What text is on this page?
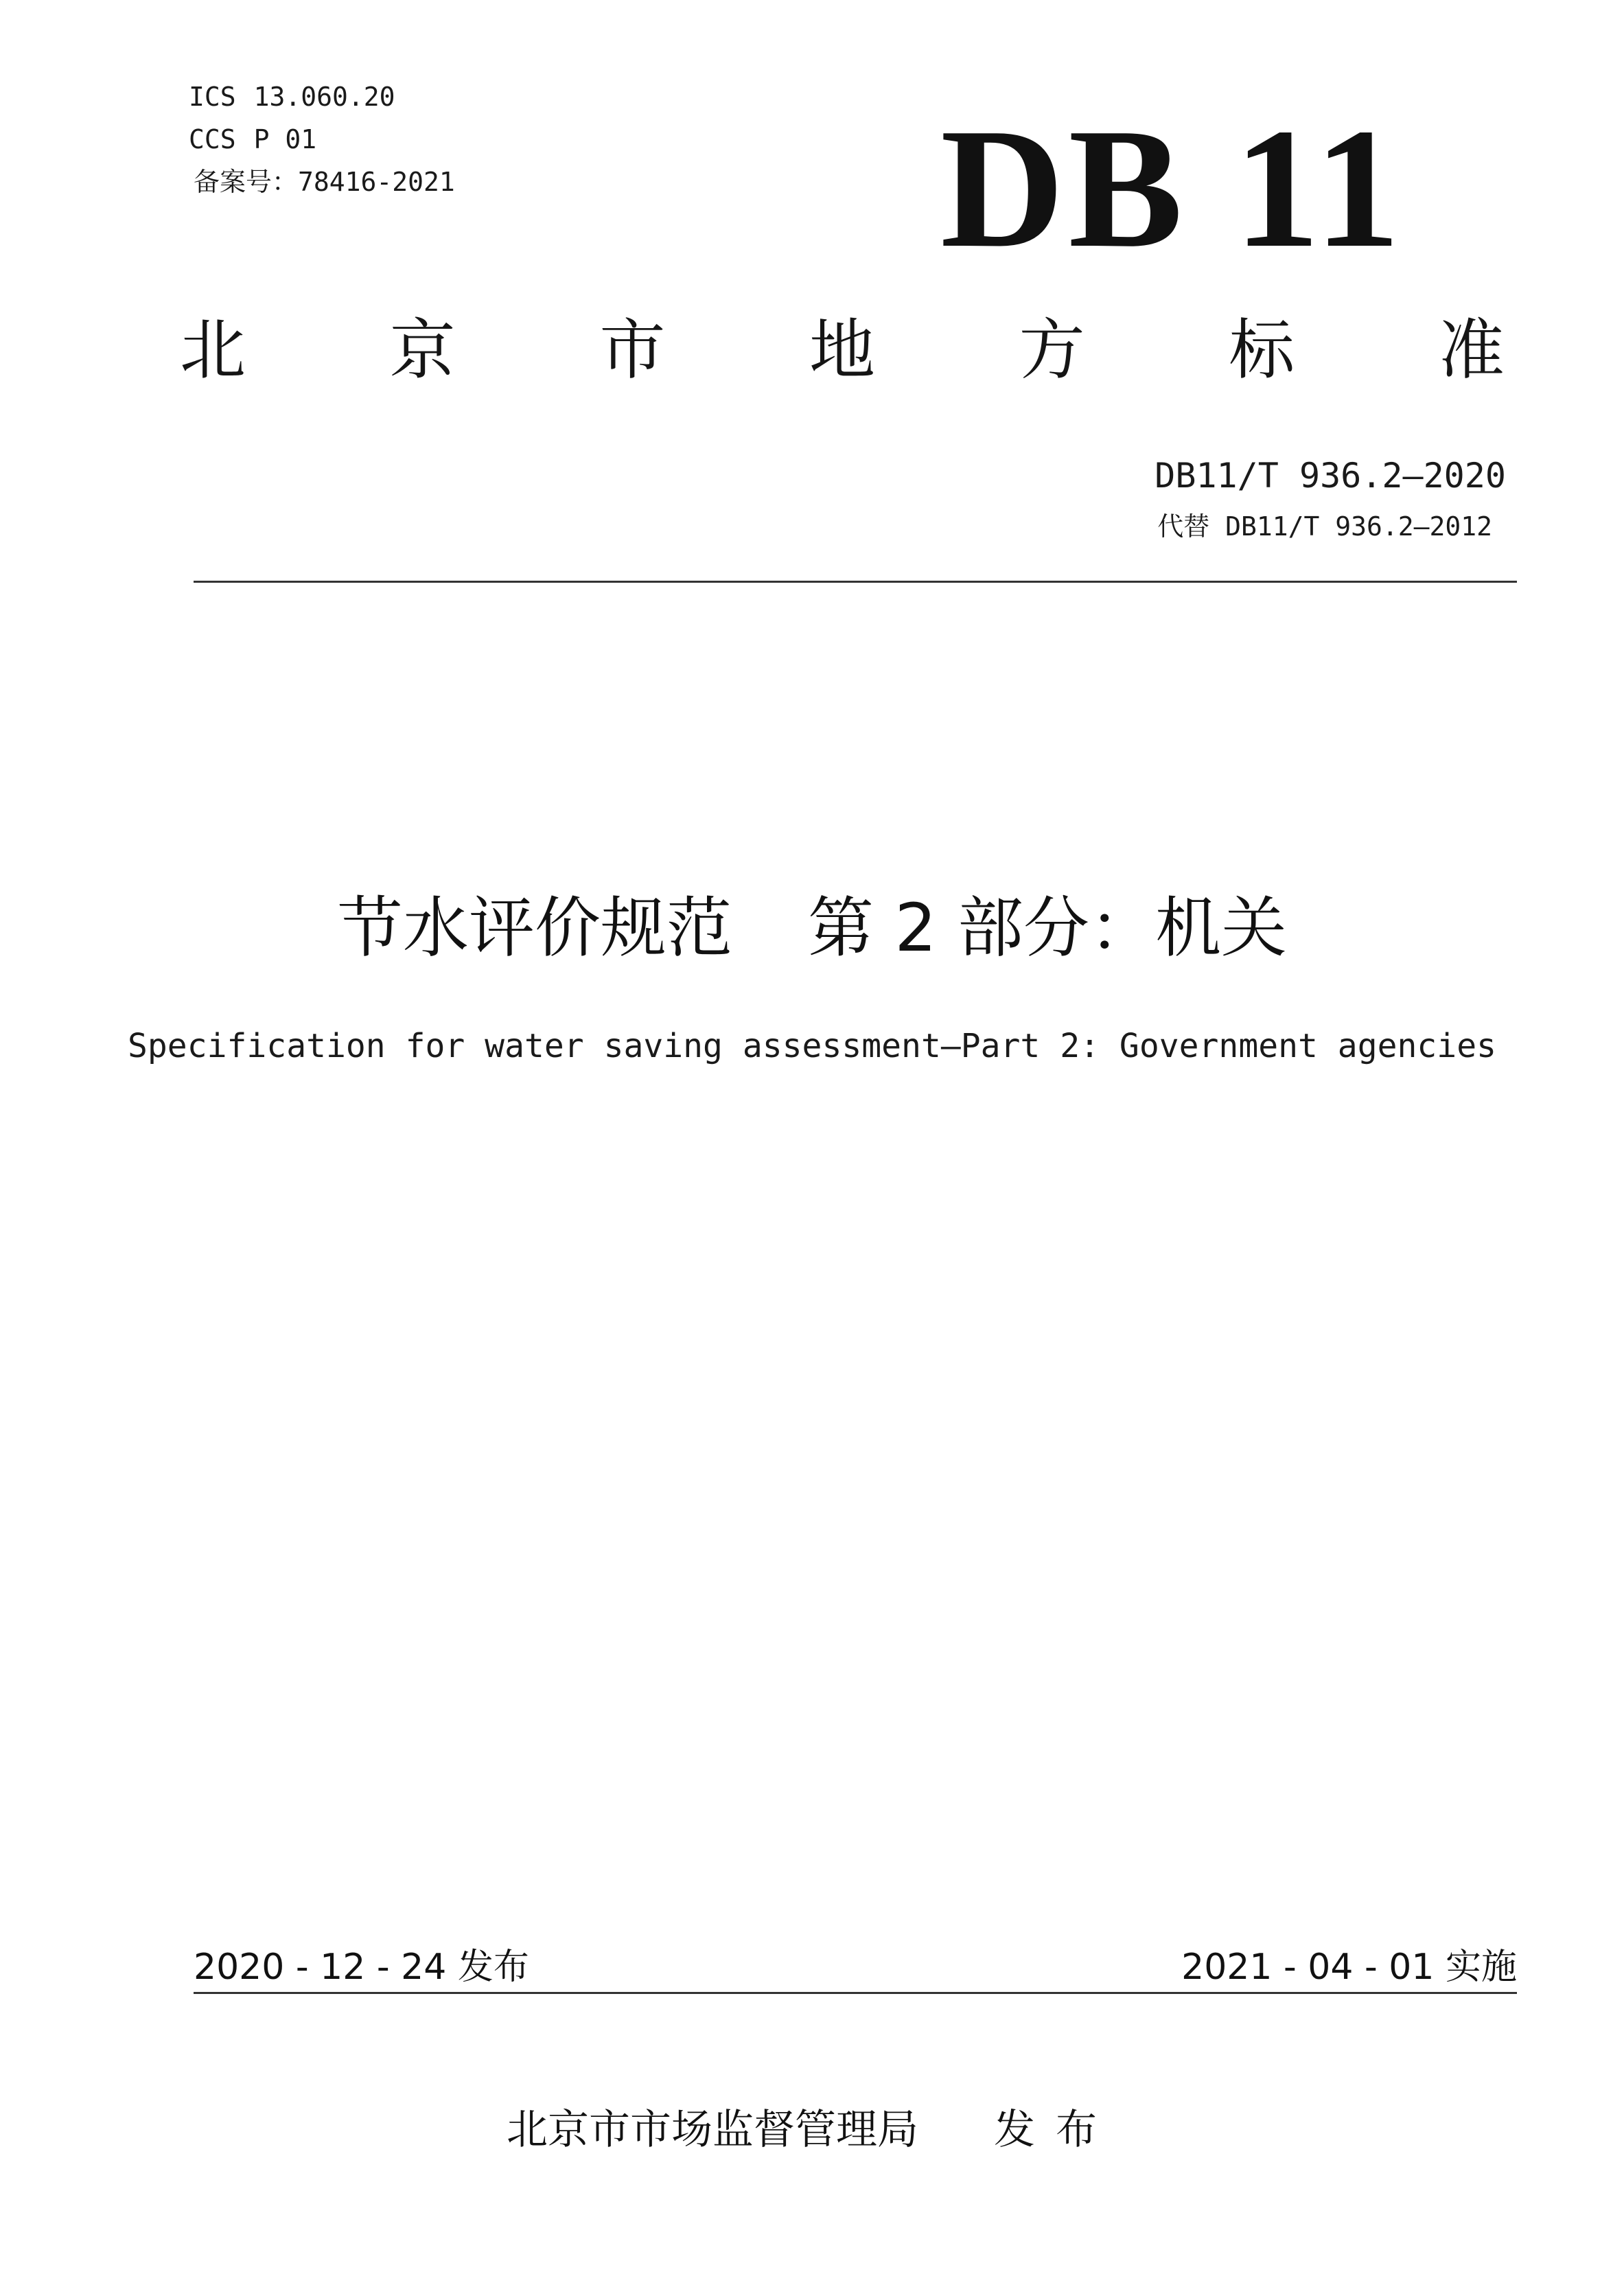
ICS 13.060.20
CCS P 01
备案号：78416-2021	DB 11
北 京 市 地 方 标 准
DB11/T 936.2—2020
代替 DB11/T 936.2—2012
节水评价规范 第 2 部分：机关
Specification for water saving assessment—Part 2: Government agencies
2020 - 12 - 24 发布	2021 - 04 - 01 实施
北京市市场监督管理局 发布
